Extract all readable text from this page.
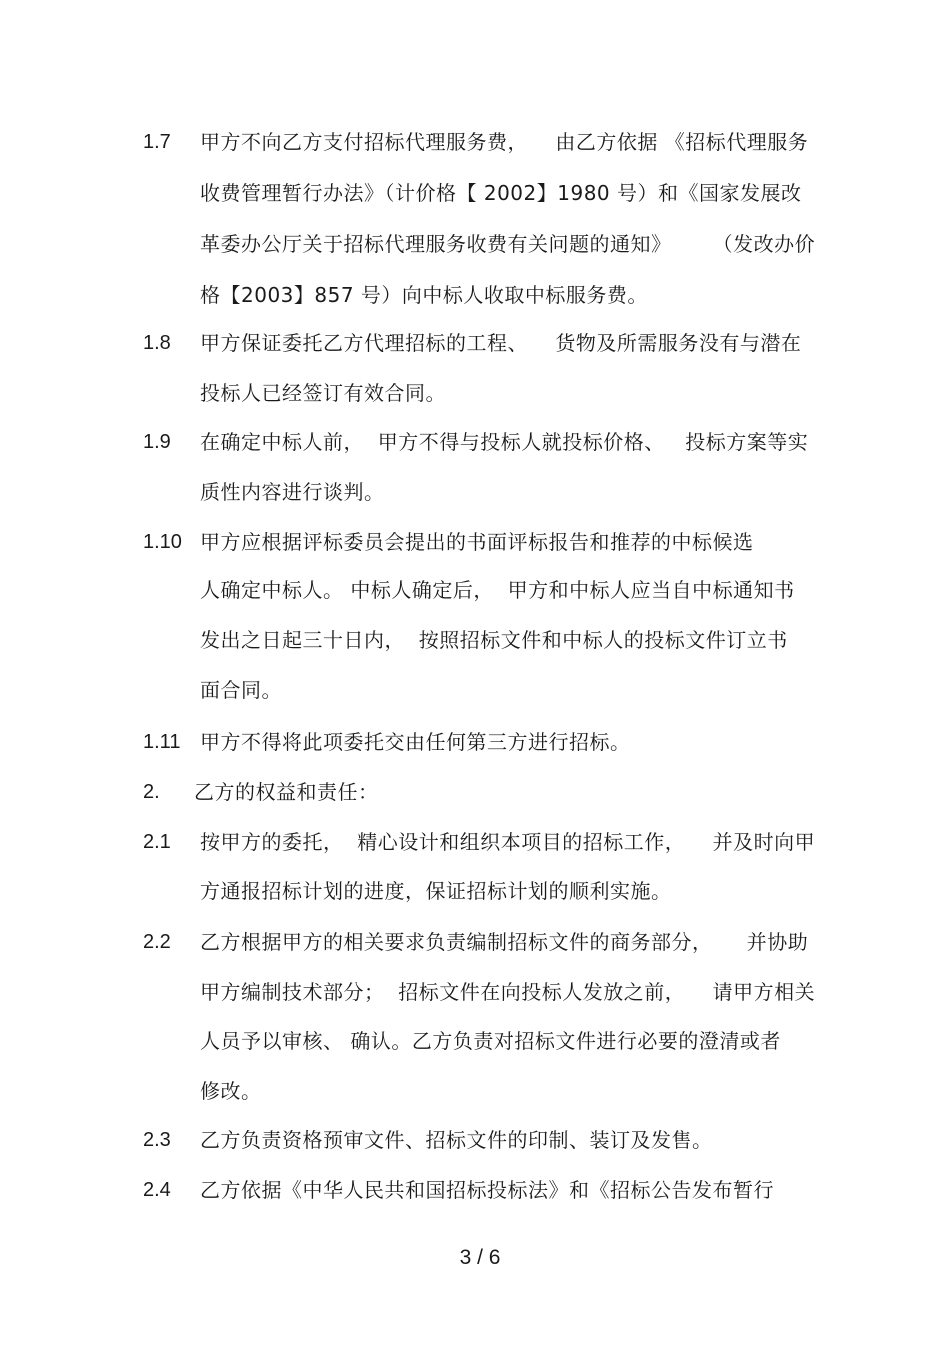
1.7 甲方不向乙方支付招标代理服务费，    由乙方依据 《招标代理服务
收费管理暂行办法》（计价格【 2002】1980 号）和《国家发展改
革委办公厅关于招标代理服务收费有关问题的通知》      （发改办价
格【2003】857 号）向中标人收取中标服务费。
1.8 甲方保证委托乙方代理招标的工程、    货物及所需服务没有与潜在
投标人已经签订有效合同。
1.9 在确定中标人前，  甲方不得与投标人就投标价格、   投标方案等实
质性内容进行谈判。
1.10 甲方应根据评标委员会提出的书面评标报告和推荐的中标候选
人确定中标人。 中标人确定后，  甲方和中标人应当自中标通知书
发出之日起三十日内，  按照招标文件和中标人的投标文件订立书
面合同。
1.11 甲方不得将此项委托交由任何第三方进行招标。
2. 乙方的权益和责任：
2.1 按甲方的委托，  精心设计和组织本项目的招标工作，    并及时向甲
方通报招标计划的进度，保证招标计划的顺利实施。
2.2 乙方根据甲方的相关要求负责编制招标文件的商务部分，     并协助
甲方编制技术部分；  招标文件在向投标人发放之前，    请甲方相关
人员予以审核、 确认。乙方负责对招标文件进行必要的澄清或者
修改。
2.3 乙方负责资格预审文件、招标文件的印制、装订及发售。
2.4 乙方依据《中华人民共和国招标投标法》和《招标公告发布暂行
3 / 6
